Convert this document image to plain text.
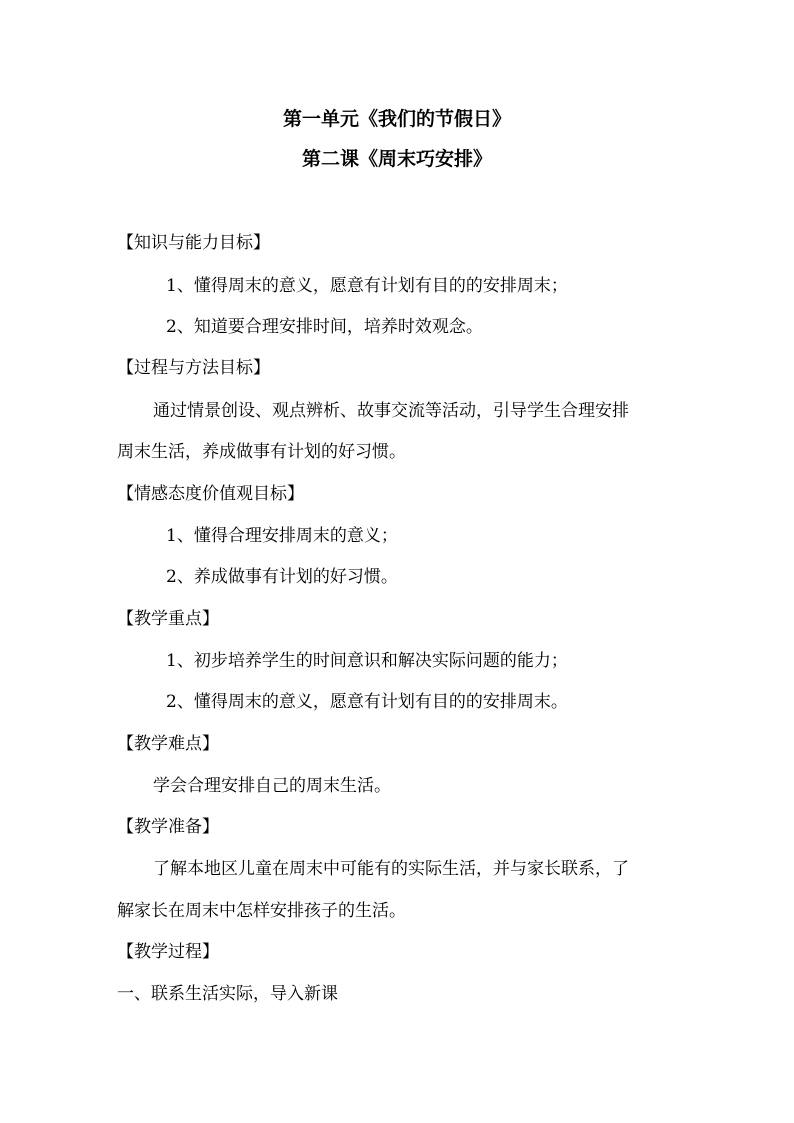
第一单元《我们的节假日》
第二课《周末巧安排》
【知识与能力目标】
1、懂得周末的意义，愿意有计划有目的的安排周末；
2、知道要合理安排时间，培养时效观念。
【过程与方法目标】
通过情景创设、观点辨析、故事交流等活动，引导学生合理安排
周末生活，养成做事有计划的好习惯。
【情感态度价值观目标】
1、懂得合理安排周末的意义；
2、养成做事有计划的好习惯。
【教学重点】
1、初步培养学生的时间意识和解决实际问题的能力；
2、懂得周末的意义，愿意有计划有目的的安排周末。
【教学难点】
学会合理安排自己的周末生活。
【教学准备】
了解本地区儿童在周末中可能有的实际生活，并与家长联系，了
解家长在周末中怎样安排孩子的生活。
【教学过程】
一、联系生活实际，导入新课
